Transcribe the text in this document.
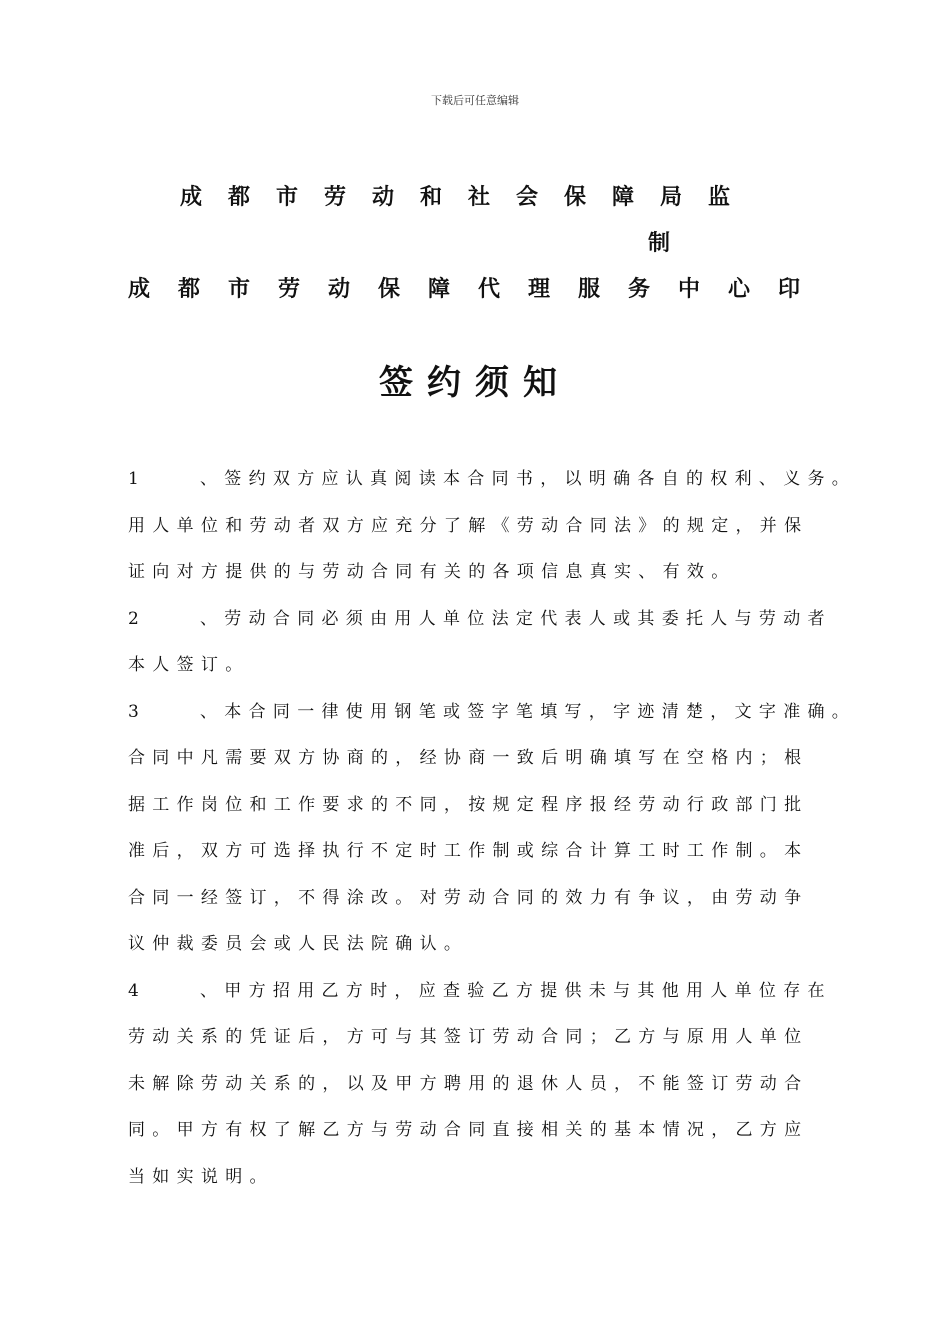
下载后可任意编辑
成都市劳动和社会保障局监
制
成都市劳动保障代理服务中心印
签约须知
1	、签约双方应认真阅读本合同书，以明确各自的权利、义务。
用人单位和劳动者双方应充分了解《劳动合同法》的规定，并保
证向对方提供的与劳动合同有关的各项信息真实、有效。
2	、劳动合同必须由用人单位法定代表人或其委托人与劳动者
本人签订。
3	、本合同一律使用钢笔或签字笔填写，字迹清楚，文字准确。
合同中凡需要双方协商的，经协商一致后明确填写在空格内；根
据工作岗位和工作要求的不同，按规定程序报经劳动行政部门批
准后，双方可选择执行不定时工作制或综合计算工时工作制。本
合同一经签订，不得涂改。对劳动合同的效力有争议，由劳动争
议仲裁委员会或人民法院确认。
4	、甲方招用乙方时，应查验乙方提供未与其他用人单位存在
劳动关系的凭证后，方可与其签订劳动合同；乙方与原用人单位
未解除劳动关系的，以及甲方聘用的退休人员，不能签订劳动合
同。甲方有权了解乙方与劳动合同直接相关的基本情况，乙方应
当如实说明。
